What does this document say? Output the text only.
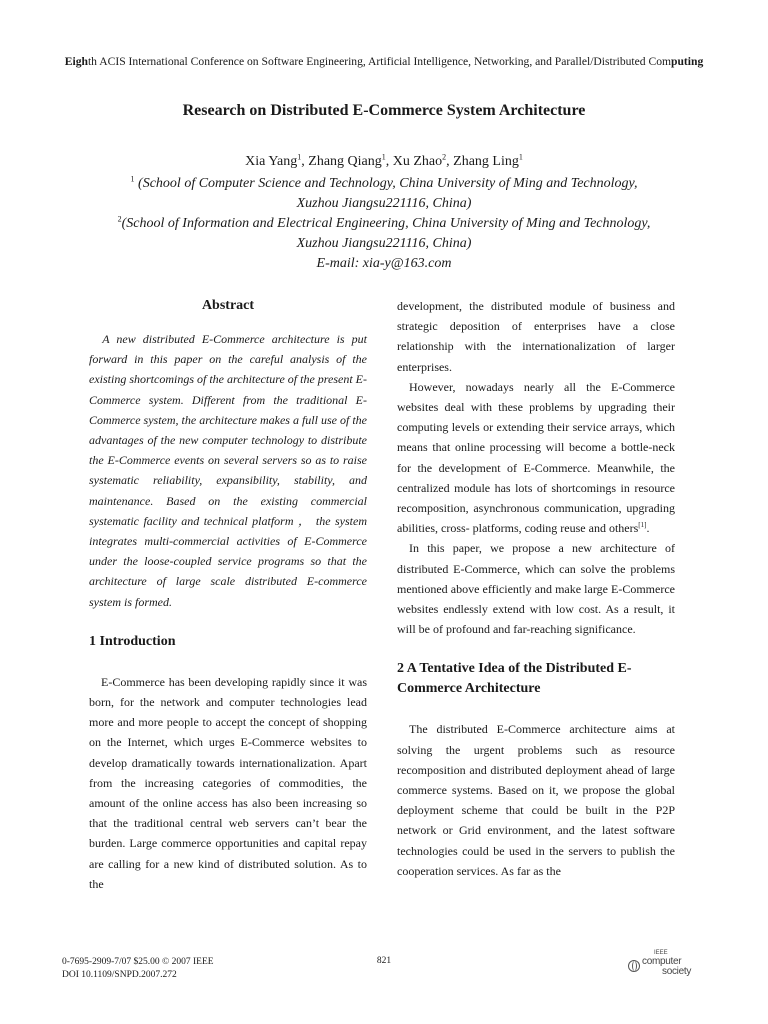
Eighth ACIS International Conference on Software Engineering, Artificial Intelligence, Networking, and Parallel/Distributed Computing
Research on Distributed E-Commerce System Architecture
Xia Yang$^1$, Zhang Qiang$^1$, Xu Zhao$^2$, Zhang Ling$^1$
$^1$ (School of Computer Science and Technology, China University of Ming and Technology,
Xuzhou Jiangsu221116, China)
$^2$(School of Information and Electrical Engineering, China University of Ming and Technology,
Xuzhou Jiangsu221116, China)
E-mail: xia-y@163.com

Abstract

A new distributed E-Commerce architecture is put forward in this paper on the careful analysis of the existing shortcomings of the architecture of the present E-Commerce system. Different from the traditional E-Commerce system, the architecture makes a full use of the advantages of the new computer technology to distribute the E-Commerce events on several servers so as to raise systematic reliability, expansibility, stability, and maintenance. Based on the existing commercial systematic facility and technical platform ， the system integrates multi-commercial activities of E-Commerce under the loose-coupled service programs so that the architecture of large scale distributed E-commerce system is formed.

1 Introduction

E-Commerce has been developing rapidly since it was born, for the network and computer technologies lead more and more people to accept the concept of shopping on the Internet, which urges E-Commerce websites to develop dramatically towards internationalization. Apart from the increasing categories of commodities, the amount of the online access has also been increasing so that the traditional central web servers can’t bear the burden. Large commerce opportunities and capital repay are calling for a new kind of distributed solution. As to the

development, the distributed module of business and strategic deposition of enterprises have a close relationship with the internationalization of larger enterprises.

However, nowadays nearly all the E-Commerce websites deal with these problems by upgrading their computing levels or extending their service arrays, which means that online processing will become a bottle-neck for the development of E-Commerce. Meanwhile, the centralized module has lots of shortcomings in resource recomposition, asynchronous communication, upgrading abilities, cross- platforms, coding reuse and others[1].

In this paper, we propose a new architecture of distributed E-Commerce, which can solve the problems mentioned above efficiently and make large E-Commerce websites endlessly extend with low cost. As a result, it will be of profound and far-reaching significance.

2 A Tentative Idea of the Distributed E-Commerce Architecture

The distributed E-Commerce architecture aims at solving the urgent problems such as resource recomposition and distributed deployment ahead of large commerce systems. Based on it, we propose the global deployment scheme that could be built in the P2P network or Grid environment, and the latest software technologies could be used in the servers to publish the cooperation services. As far as the

0-7695-2909-7/07 $25.00 © 2007 IEEE
DOI 10.1109/SNPD.2007.272
821
IEEE
computer
society
